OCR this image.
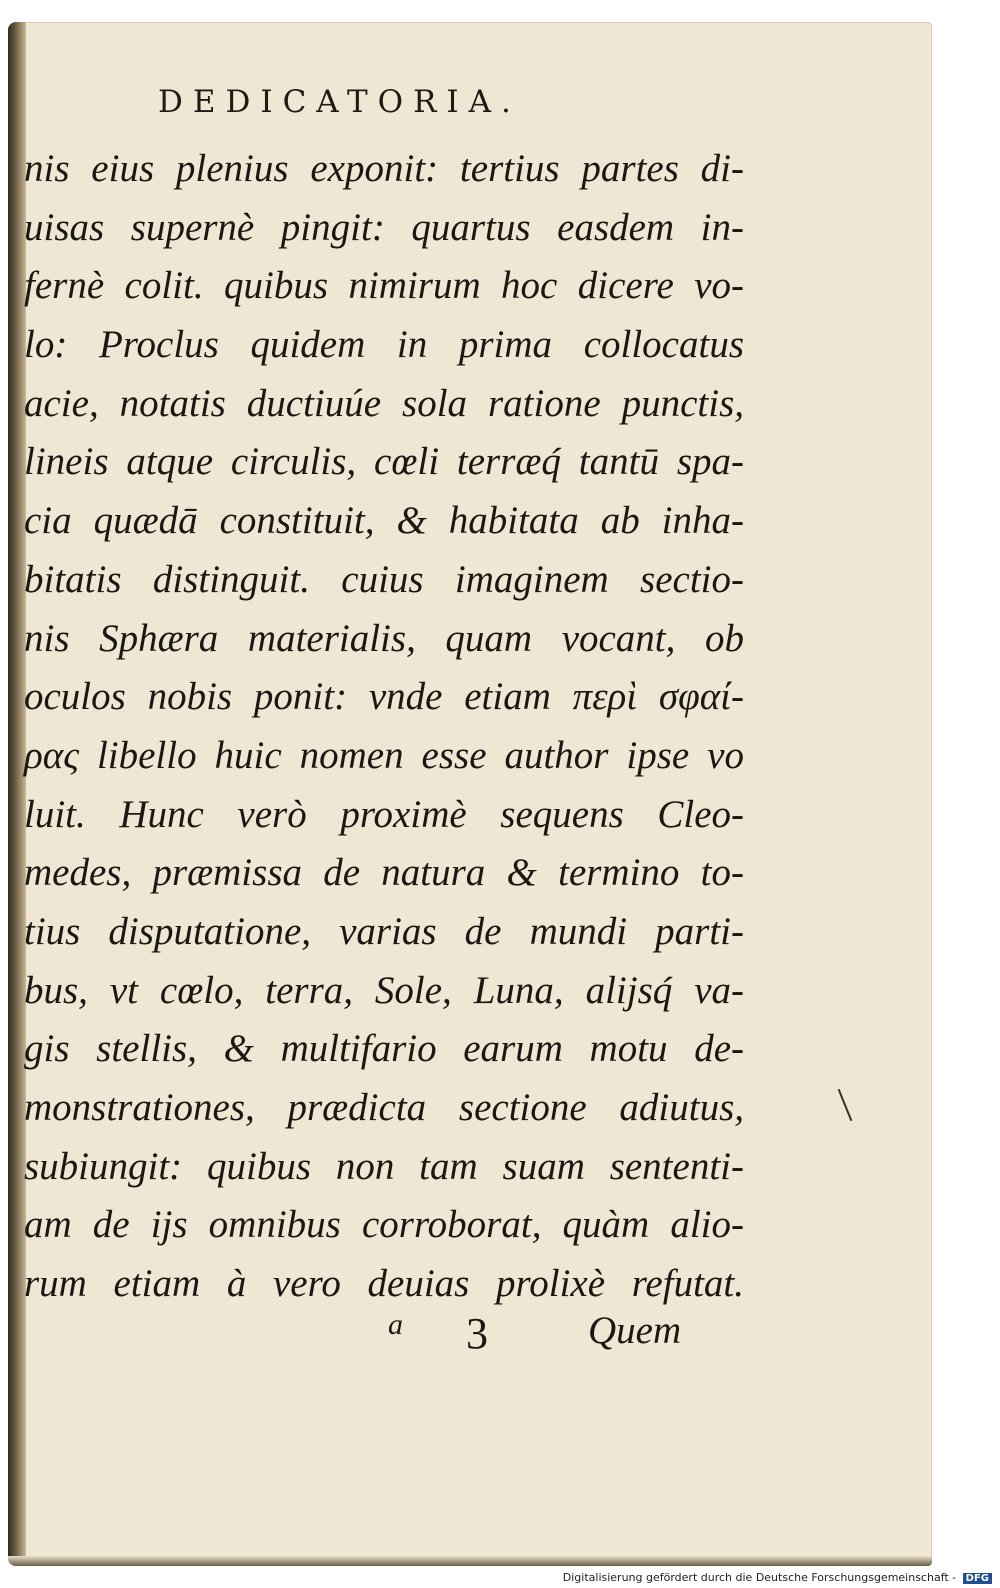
DEDICATORIA.
nis eius plenius exponit: tertius partes di-
uisas supernè pingit: quartus easdem in-
fernè colit. quibus nimirum hoc dicere vo-
lo: Proclus quidem in prima collocatus
acie, notatis ductiuúe sola ratione punctis,
lineis atque circulis, cœli terræq́ tantū spa-
cia quædā constituit, & habitata ab inha-
bitatis distinguit. cuius imaginem sectio-
nis Sphæra materialis, quam vocant, ob
oculos nobis ponit: vnde etiam περὶ σφαί-
ρας libello huic nomen esse author ipse vo
luit. Hunc verò proximè sequens Cleo-
medes, præmissa de natura & termino to-
tius disputatione, varias de mundi parti-
bus, vt cœlo, terra, Sole, Luna, alijsq́ va-
gis stellis, & multifario earum motu de-
monstrationes, prædicta sectione adiutus,
subiungit: quibus non tam suam sententi-
am de ijs omnibus corroborat, quàm alio-
rum etiam à vero deuias prolixè refutat.
a 3	Quem
Digitalisierung gefördert durch die Deutsche Forschungsgemeinschaft - DFG
